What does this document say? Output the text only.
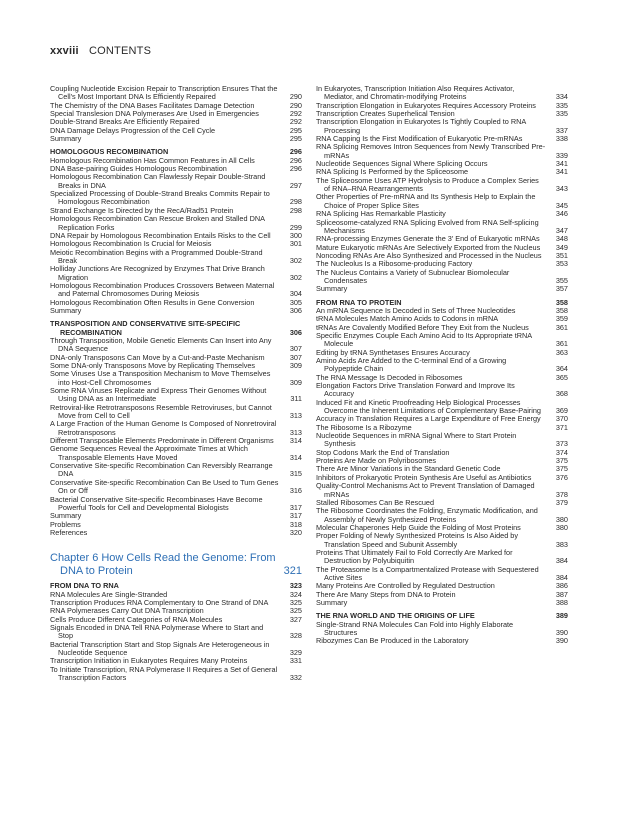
xxviii CONTENTS
Coupling Nucleotide Excision Repair to Transcription Ensures That the Cell's Most Important DNA Is Efficiently Repaired	290
The Chemistry of the DNA Bases Facilitates Damage Detection	290
Special Translesion DNA Polymerases Are Used in Emergencies	292
Double-Strand Breaks Are Efficiently Repaired	292
DNA Damage Delays Progression of the Cell Cycle	295
Summary	295
HOMOLOGOUS RECOMBINATION	296
Homologous Recombination Has Common Features in All Cells	296
DNA Base-pairing Guides Homologous Recombination	296
Homologous Recombination Can Flawlessly Repair Double-Strand Breaks in DNA	297
Specialized Processing of Double-Strand Breaks Commits Repair to Homologous Recombination	298
Strand Exchange Is Directed by the RecA/Rad51 Protein	298
Homologous Recombination Can Rescue Broken and Stalled DNA Replication Forks	299
DNA Repair by Homologous Recombination Entails Risks to the Cell	300
Homologous Recombination Is Crucial for Meiosis	301
Meiotic Recombination Begins with a Programmed Double-Strand Break	302
Holliday Junctions Are Recognized by Enzymes That Drive Branch Migration	302
Homologous Recombination Produces Crossovers Between Maternal and Paternal Chromosomes During Meiosis	304
Homologous Recombination Often Results in Gene Conversion	305
Summary	306
TRANSPOSITION AND CONSERVATIVE SITE-SPECIFIC RECOMBINATION	306
Through Transposition, Mobile Genetic Elements Can Insert into Any DNA Sequence	307
DNA-only Transposons Can Move by a Cut-and-Paste Mechanism	307
Some DNA-only Transposons Move by Replicating Themselves	309
Some Viruses Use a Transposition Mechanism to Move Themselves into Host-Cell Chromosomes	309
Some RNA Viruses Replicate and Express Their Genomes Without Using DNA as an Intermediate	311
Retroviral-like Retrotransposons Resemble Retroviruses, but Cannot Move from Cell to Cell	313
A Large Fraction of the Human Genome Is Composed of Nonretroviral Retrotransposons	313
Different Transposable Elements Predominate in Different Organisms	314
Genome Sequences Reveal the Approximate Times at Which Transposable Elements Have Moved	314
Conservative Site-specific Recombination Can Reversibly Rearrange DNA	315
Conservative Site-specific Recombination Can Be Used to Turn Genes On or Off	316
Bacterial Conservative Site-specific Recombinases Have Become Powerful Tools for Cell and Developmental Biologists	317
Summary	317
Problems	318
References	320
Chapter 6 How Cells Read the Genome: From DNA to Protein	321
FROM DNA TO RNA	323
RNA Molecules Are Single-Stranded	324
Transcription Produces RNA Complementary to One Strand of DNA	325
RNA Polymerases Carry Out DNA Transcription	325
Cells Produce Different Categories of RNA Molecules	327
Signals Encoded in DNA Tell RNA Polymerase Where to Start and Stop	328
Bacterial Transcription Start and Stop Signals Are Heterogeneous in Nucleotide Sequence	329
Transcription Initiation in Eukaryotes Requires Many Proteins	331
To Initiate Transcription, RNA Polymerase II Requires a Set of General Transcription Factors	332
In Eukaryotes, Transcription Initiation Also Requires Activator, Mediator, and Chromatin-modifying Proteins	334
Transcription Elongation in Eukaryotes Requires Accessory Proteins	335
Transcription Creates Superhelical Tension	335
Transcription Elongation in Eukaryotes Is Tightly Coupled to RNA Processing	337
RNA Capping Is the First Modification of Eukaryotic Pre-mRNAs	338
RNA Splicing Removes Intron Sequences from Newly Transcribed Pre-mRNAs	339
Nucleotide Sequences Signal Where Splicing Occurs	341
RNA Splicing Is Performed by the Spliceosome	341
The Spliceosome Uses ATP Hydrolysis to Produce a Complex Series of RNA–RNA Rearrangements	343
Other Properties of Pre-mRNA and Its Synthesis Help to Explain the Choice of Proper Splice Sites	345
RNA Splicing Has Remarkable Plasticity	346
Spliceosome-catalyzed RNA Splicing Evolved from RNA Self-splicing Mechanisms	347
RNA-processing Enzymes Generate the 3′ End of Eukaryotic mRNAs	348
Mature Eukaryotic mRNAs Are Selectively Exported from the Nucleus	349
Noncoding RNAs Are Also Synthesized and Processed in the Nucleus	351
The Nucleolus Is a Ribosome-producing Factory	353
The Nucleus Contains a Variety of Subnuclear Biomolecular Condensates	355
Summary	357
FROM RNA TO PROTEIN	358
An mRNA Sequence Is Decoded in Sets of Three Nucleotides	358
tRNA Molecules Match Amino Acids to Codons in mRNA	359
tRNAs Are Covalently Modified Before They Exit from the Nucleus	361
Specific Enzymes Couple Each Amino Acid to Its Appropriate tRNA Molecule	361
Editing by tRNA Synthetases Ensures Accuracy	363
Amino Acids Are Added to the C-terminal End of a Growing Polypeptide Chain	364
The RNA Message Is Decoded in Ribosomes	365
Elongation Factors Drive Translation Forward and Improve Its Accuracy	368
Induced Fit and Kinetic Proofreading Help Biological Processes Overcome the Inherent Limitations of Complementary Base-Pairing	369
Accuracy in Translation Requires a Large Expenditure of Free Energy	370
The Ribosome Is a Ribozyme	371
Nucleotide Sequences in mRNA Signal Where to Start Protein Synthesis	373
Stop Codons Mark the End of Translation	374
Proteins Are Made on Polyribosomes	375
There Are Minor Variations in the Standard Genetic Code	375
Inhibitors of Prokaryotic Protein Synthesis Are Useful as Antibiotics	376
Quality-Control Mechanisms Act to Prevent Translation of Damaged mRNAs	378
Stalled Ribosomes Can Be Rescued	379
The Ribosome Coordinates the Folding, Enzymatic Modification, and Assembly of Newly Synthesized Proteins	380
Molecular Chaperones Help Guide the Folding of Most Proteins	380
Proper Folding of Newly Synthesized Proteins Is Also Aided by Translation Speed and Subunit Assembly	383
Proteins That Ultimately Fail to Fold Correctly Are Marked for Destruction by Polyubiquitin	384
The Proteasome Is a Compartmentalized Protease with Sequestered Active Sites	384
Many Proteins Are Controlled by Regulated Destruction	386
There Are Many Steps from DNA to Protein	387
Summary	388
THE RNA WORLD AND THE ORIGINS OF LIFE	389
Single-Strand RNA Molecules Can Fold into Highly Elaborate Structures	390
Ribozymes Can Be Produced in the Laboratory	390
